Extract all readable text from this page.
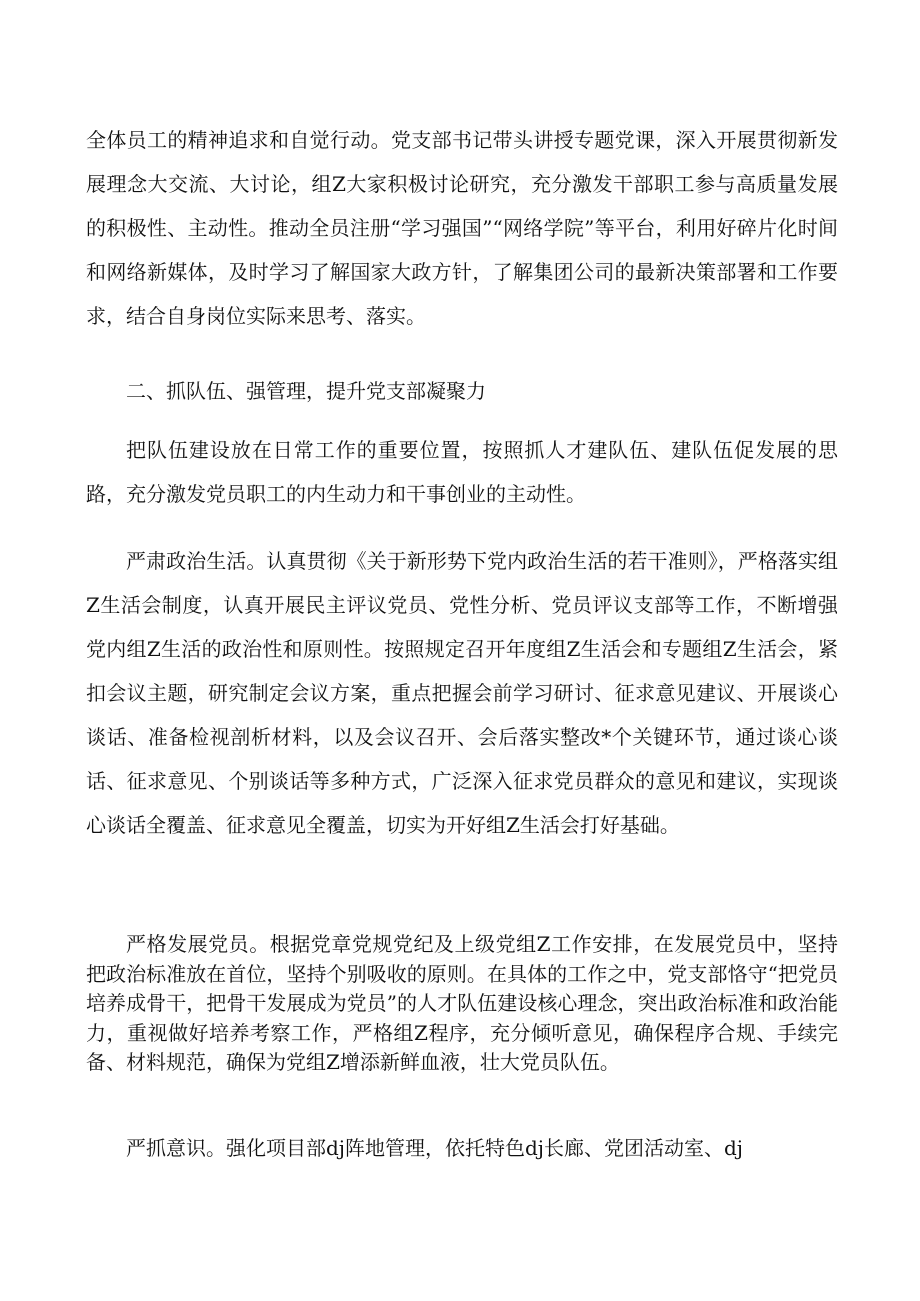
全体员工的精神追求和自觉行动。党支部书记带头讲授专题党课，深入开展贯彻新发展理念大交流、大讨论，组Z大家积极讨论研究，充分激发干部职工参与高质量发展的积极性、主动性。推动全员注册“学习强国”“网络学院”等平台，利用好碎片化时间和网络新媒体，及时学习了解国家大政方针，了解集团公司的最新决策部署和工作要求，结合自身岗位实际来思考、落实。

二、抓队伍、强管理，提升党支部凝聚力

把队伍建设放在日常工作的重要位置，按照抓人才建队伍、建队伍促发展的思路，充分激发党员职工的内生动力和干事创业的主动性。

严肃政治生活。认真贯彻《关于新形势下党内政治生活的若干准则》，严格落实组Z生活会制度，认真开展民主评议党员、党性分析、党员评议支部等工作，不断增强党内组Z生活的政治性和原则性。按照规定召开年度组Z生活会和专题组Z生活会，紧扣会议主题，研究制定会议方案，重点把握会前学习研讨、征求意见建议、开展谈心谈话、准备检视剖析材料，以及会议召开、会后落实整改*个关键环节，通过谈心谈话、征求意见、个别谈话等多种方式，广泛深入征求党员群众的意见和建议，实现谈心谈话全覆盖、征求意见全覆盖，切实为开好组Z生活会打好基础。

严格发展党员。根据党章党规党纪及上级党组Z工作安排，在发展党员中，坚持把政治标准放在首位，坚持个别吸收的原则。在具体的工作之中，党支部恪守“把党员培养成骨干，把骨干发展成为党员”的人才队伍建设核心理念，突出政治标准和政治能力，重视做好培养考察工作，严格组Z程序，充分倾听意见，确保程序合规、手续完备、材料规范，确保为党组Z增添新鲜血液，壮大党员队伍。

严抓意识。强化项目部dj阵地管理，依托特色dj长廊、党团活动室、dj
